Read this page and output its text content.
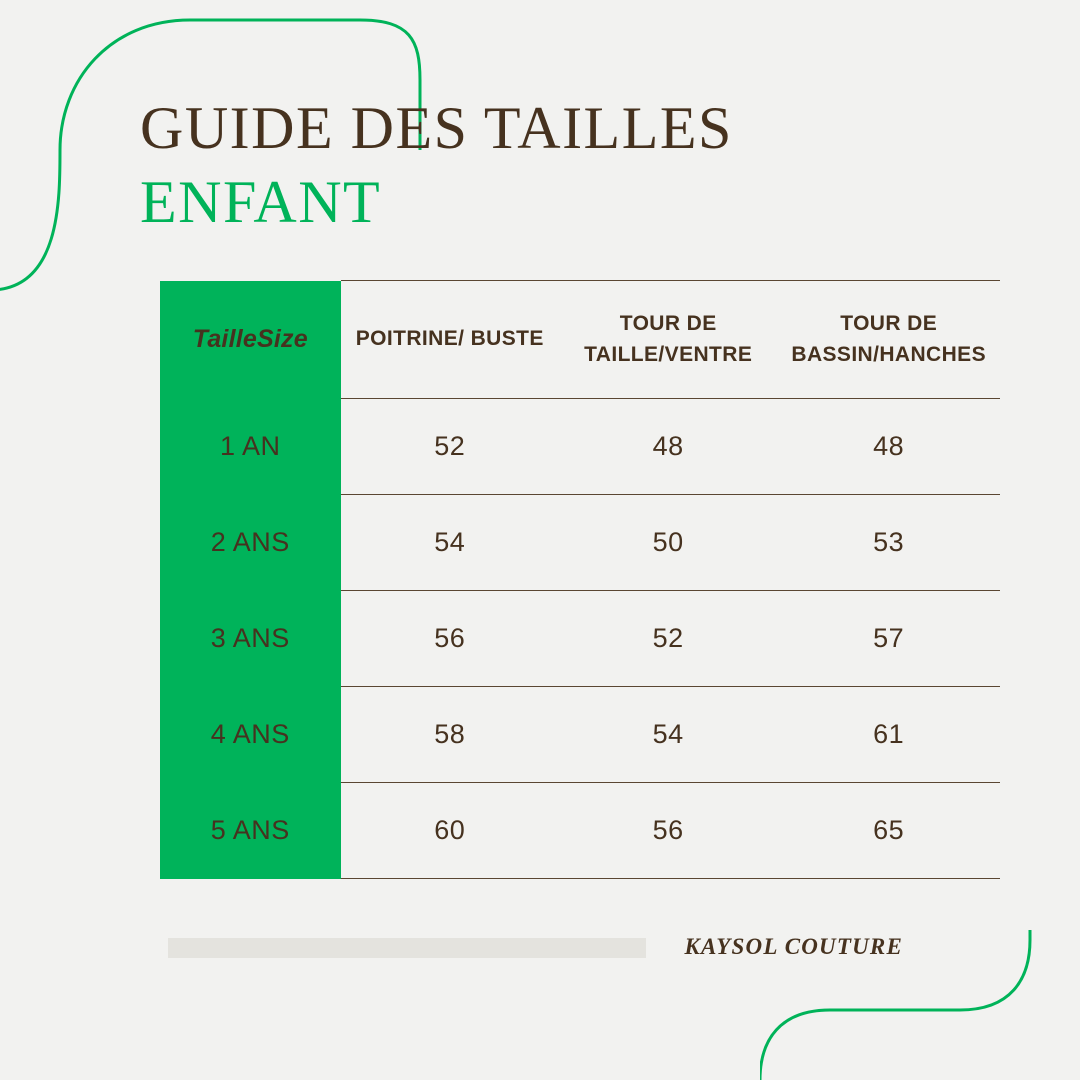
GUIDE DES TAILLES
ENFANT
TailleSize	POITRINE/ BUSTE	TOUR DE TAILLE/VENTRE	TOUR DE BASSIN/HANCHES
1 AN	52	48	48
2 ANS	54	50	53
3 ANS	56	52	57
4 ANS	58	54	61
5 ANS	60	56	65
KAYSOL COUTURE
